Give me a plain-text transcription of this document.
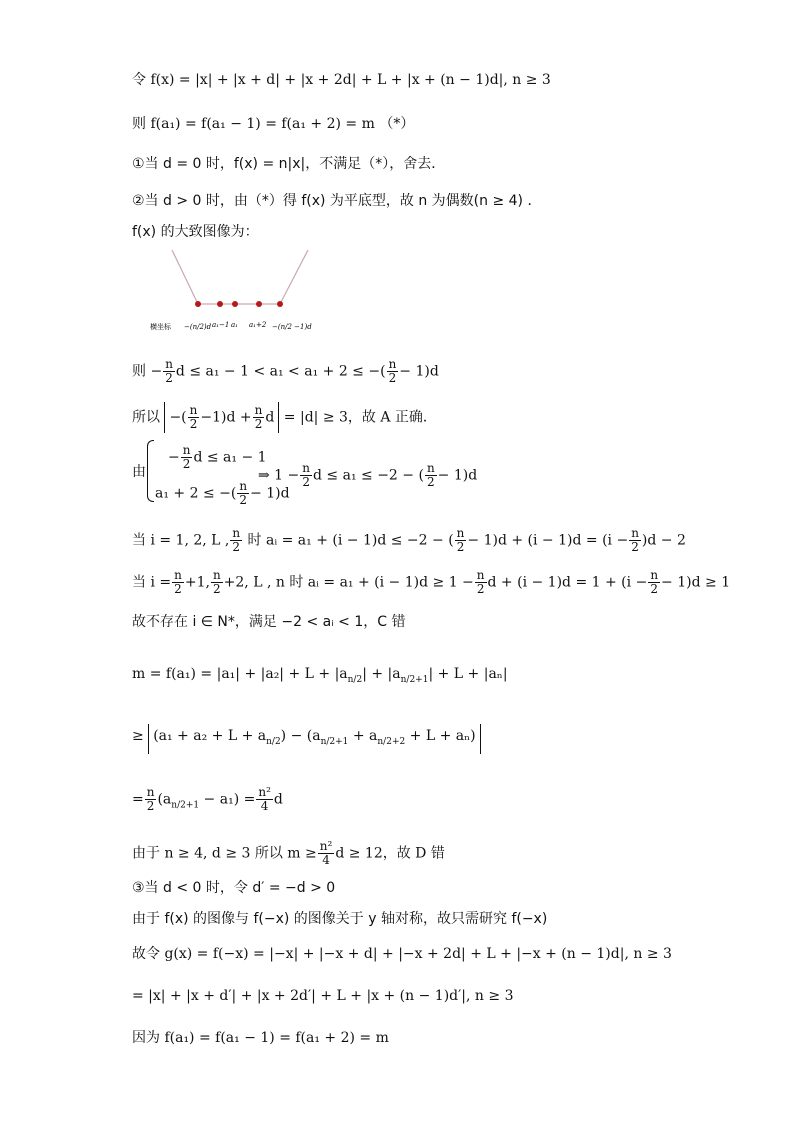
令 f(x) = |x| + |x + d| + |x + 2d| + L + |x + (n − 1)d|, n ≥ 3
则 f(a₁) = f(a₁ − 1) = f(a₁ + 2) = m （*）
①当 d = 0 时，f(x) = n|x|，不满足（*），舍去．
②当 d > 0 时，由（*）得 f(x) 为平底型，故 n 为偶数(n ≥ 4) ．
f(x) 的大致图像为：
横坐标 −(n/2)d a₁−1 a₁ a₁+2 −(n/2 −1)d
则 − $\frac{n}{2}$ d ≤ a₁ − 1 < a₁ < a₁ + 2 ≤ −( $\frac{n}{2} - 1)d$
所以 −( $\frac{n}{2} -1)d + \frac{n}{2}$ d = |d| ≥ 3，故 A 正确．
由
− $\frac{n}{2}$ d ≤ a₁ − 1
a₁ + 2 ≤ −( $\frac{n}{2} - 1)d$
⇒ $1 - \frac{n}{2}$ d ≤ a₁ ≤ −2 − ( $\frac{n}{2} - 1)d$
当 i = 1, 2, L , $\frac{n}{2}$ 时 aᵢ = a₁ + (i − 1)d ≤ −2 − ( $\frac{n}{2} - 1)d + (i - 1)d = (i - \frac{n}{2} )d - 2$
当 $i = \frac{n}{2} +1$, $\frac{n}{2} +2$, L , n 时 aᵢ = $a_1 + (i - 1)d \ge 1 - \frac{n}{2}$ $d + (i - 1)d = 1 + (i - \frac{n}{2} - 1)d \ge 1$
故不存在 i ∈ N*，满足 −2 < aᵢ < 1，C 错
$m = f(a_1) = |a_1| + |a_2| + L + |a_{n/2}| + |a_{n/2+1}| + L + |a_n|$
≥ $(a_1 + a_2 + L + a_{n/2}) - (a_{n/2+1} + a_{n/2+2} + L + a_n)$
= $\frac{n}{2} (a_{n/2+1} - a_1) = \frac{\text{n²}}{4}$ d
由于 n ≥ 4, d ≥ 3 所以 $m \ge \frac{\text{n²}}{4}$ d ≥ 12，故 D 错
③当 d < 0 时，令 d′ = −d > 0
由于 f(x) 的图像与 f(−x) 的图像关于 y 轴对称，故只需研究 f(−x)
故令 g(x) = f(−x) = |−x| + |−x + d| + |−x + 2d| + L + |−x + (n − 1)d|, n ≥ 3
= |x| + |x + d′| + |x + 2d′| + L + |x + (n − 1)d′|, n ≥ 3
因为 f(a₁) = f(a₁ − 1) = f(a₁ + 2) = m
